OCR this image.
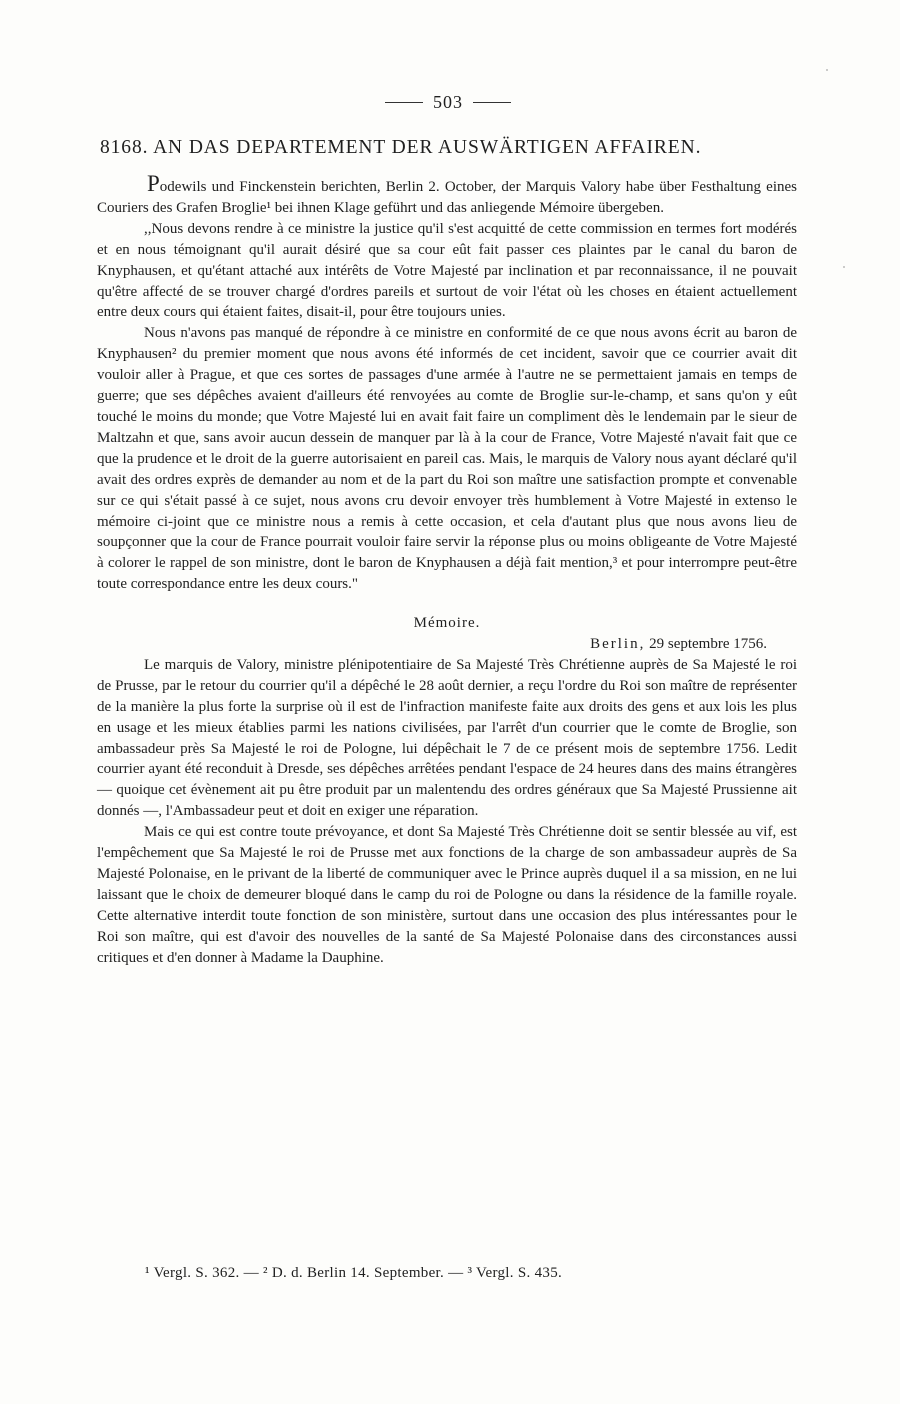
503
8168. AN DAS DEPARTEMENT DER AUSWÄRTIGEN AFFAIREN.

Podewils und Finckenstein berichten, Berlin 2. October, der Marquis Valory habe über Festhaltung eines Couriers des Grafen Broglie¹ bei ihnen Klage geführt und das anliegende Mémoire übergeben.

,,Nous devons rendre à ce ministre la justice qu'il s'est acquitté de cette commission en termes fort modérés et en nous témoignant qu'il aurait désiré que sa cour eût fait passer ces plaintes par le canal du baron de Knyphausen, et qu'étant attaché aux intérêts de Votre Majesté par inclination et par reconnaissance, il ne pouvait qu'être affecté de se trouver chargé d'ordres pareils et surtout de voir l'état où les choses en étaient actuellement entre deux cours qui étaient faites, disait-il, pour être toujours unies.

Nous n'avons pas manqué de répondre à ce ministre en conformité de ce que nous avons écrit au baron de Knyphausen² du premier moment que nous avons été informés de cet incident, savoir que ce courrier avait dit vouloir aller à Prague, et que ces sortes de passages d'une armée à l'autre ne se permettaient jamais en temps de guerre; que ses dépêches avaient d'ailleurs été renvoyées au comte de Broglie sur-le-champ, et sans qu'on y eût touché le moins du monde; que Votre Majesté lui en avait fait faire un compliment dès le lendemain par le sieur de Maltzahn et que, sans avoir aucun dessein de manquer par là à la cour de France, Votre Majesté n'avait fait que ce que la prudence et le droit de la guerre autorisaient en pareil cas. Mais, le marquis de Valory nous ayant déclaré qu'il avait des ordres exprès de demander au nom et de la part du Roi son maître une satisfaction prompte et convenable sur ce qui s'était passé à ce sujet, nous avons cru devoir envoyer très humblement à Votre Majesté in extenso le mémoire ci-joint que ce ministre nous a remis à cette occasion, et cela d'autant plus que nous avons lieu de soupçonner que la cour de France pourrait vouloir faire servir la réponse plus ou moins obligeante de Votre Majesté à colorer le rappel de son ministre, dont le baron de Knyphausen a déjà fait mention,³ et pour interrompre peut-être toute correspondance entre les deux cours."

Mémoire.

Berlin, 29 septembre 1756.

Le marquis de Valory, ministre plénipotentiaire de Sa Majesté Très Chrétienne auprès de Sa Majesté le roi de Prusse, par le retour du courrier qu'il a dépêché le 28 août dernier, a reçu l'ordre du Roi son maître de représenter de la manière la plus forte la surprise où il est de l'infraction manifeste faite aux droits des gens et aux lois les plus en usage et les mieux établies parmi les nations civilisées, par l'arrêt d'un courrier que le comte de Broglie, son ambassadeur près Sa Majesté le roi de Pologne, lui dépêchait le 7 de ce présent mois de septembre 1756. Ledit courrier ayant été reconduit à Dresde, ses dépêches arrêtées pendant l'espace de 24 heures dans des mains étrangères — quoique cet évènement ait pu être produit par un malentendu des ordres généraux que Sa Majesté Prussienne ait donnés —, l'Ambassadeur peut et doit en exiger une réparation.

Mais ce qui est contre toute prévoyance, et dont Sa Majesté Très Chrétienne doit se sentir blessée au vif, est l'empêchement que Sa Majesté le roi de Prusse met aux fonctions de la charge de son ambassadeur auprès de Sa Majesté Polonaise, en le privant de la liberté de communiquer avec le Prince auprès duquel il a sa mission, en ne lui laissant que le choix de demeurer bloqué dans le camp du roi de Pologne ou dans la résidence de la famille royale. Cette alternative interdit toute fonction de son ministère, surtout dans une occasion des plus intéressantes pour le Roi son maître, qui est d'avoir des nouvelles de la santé de Sa Majesté Polonaise dans des circonstances aussi critiques et d'en donner à Madame la Dauphine.

¹ Vergl. S. 362. — ² D. d. Berlin 14. September. — ³ Vergl. S. 435.
